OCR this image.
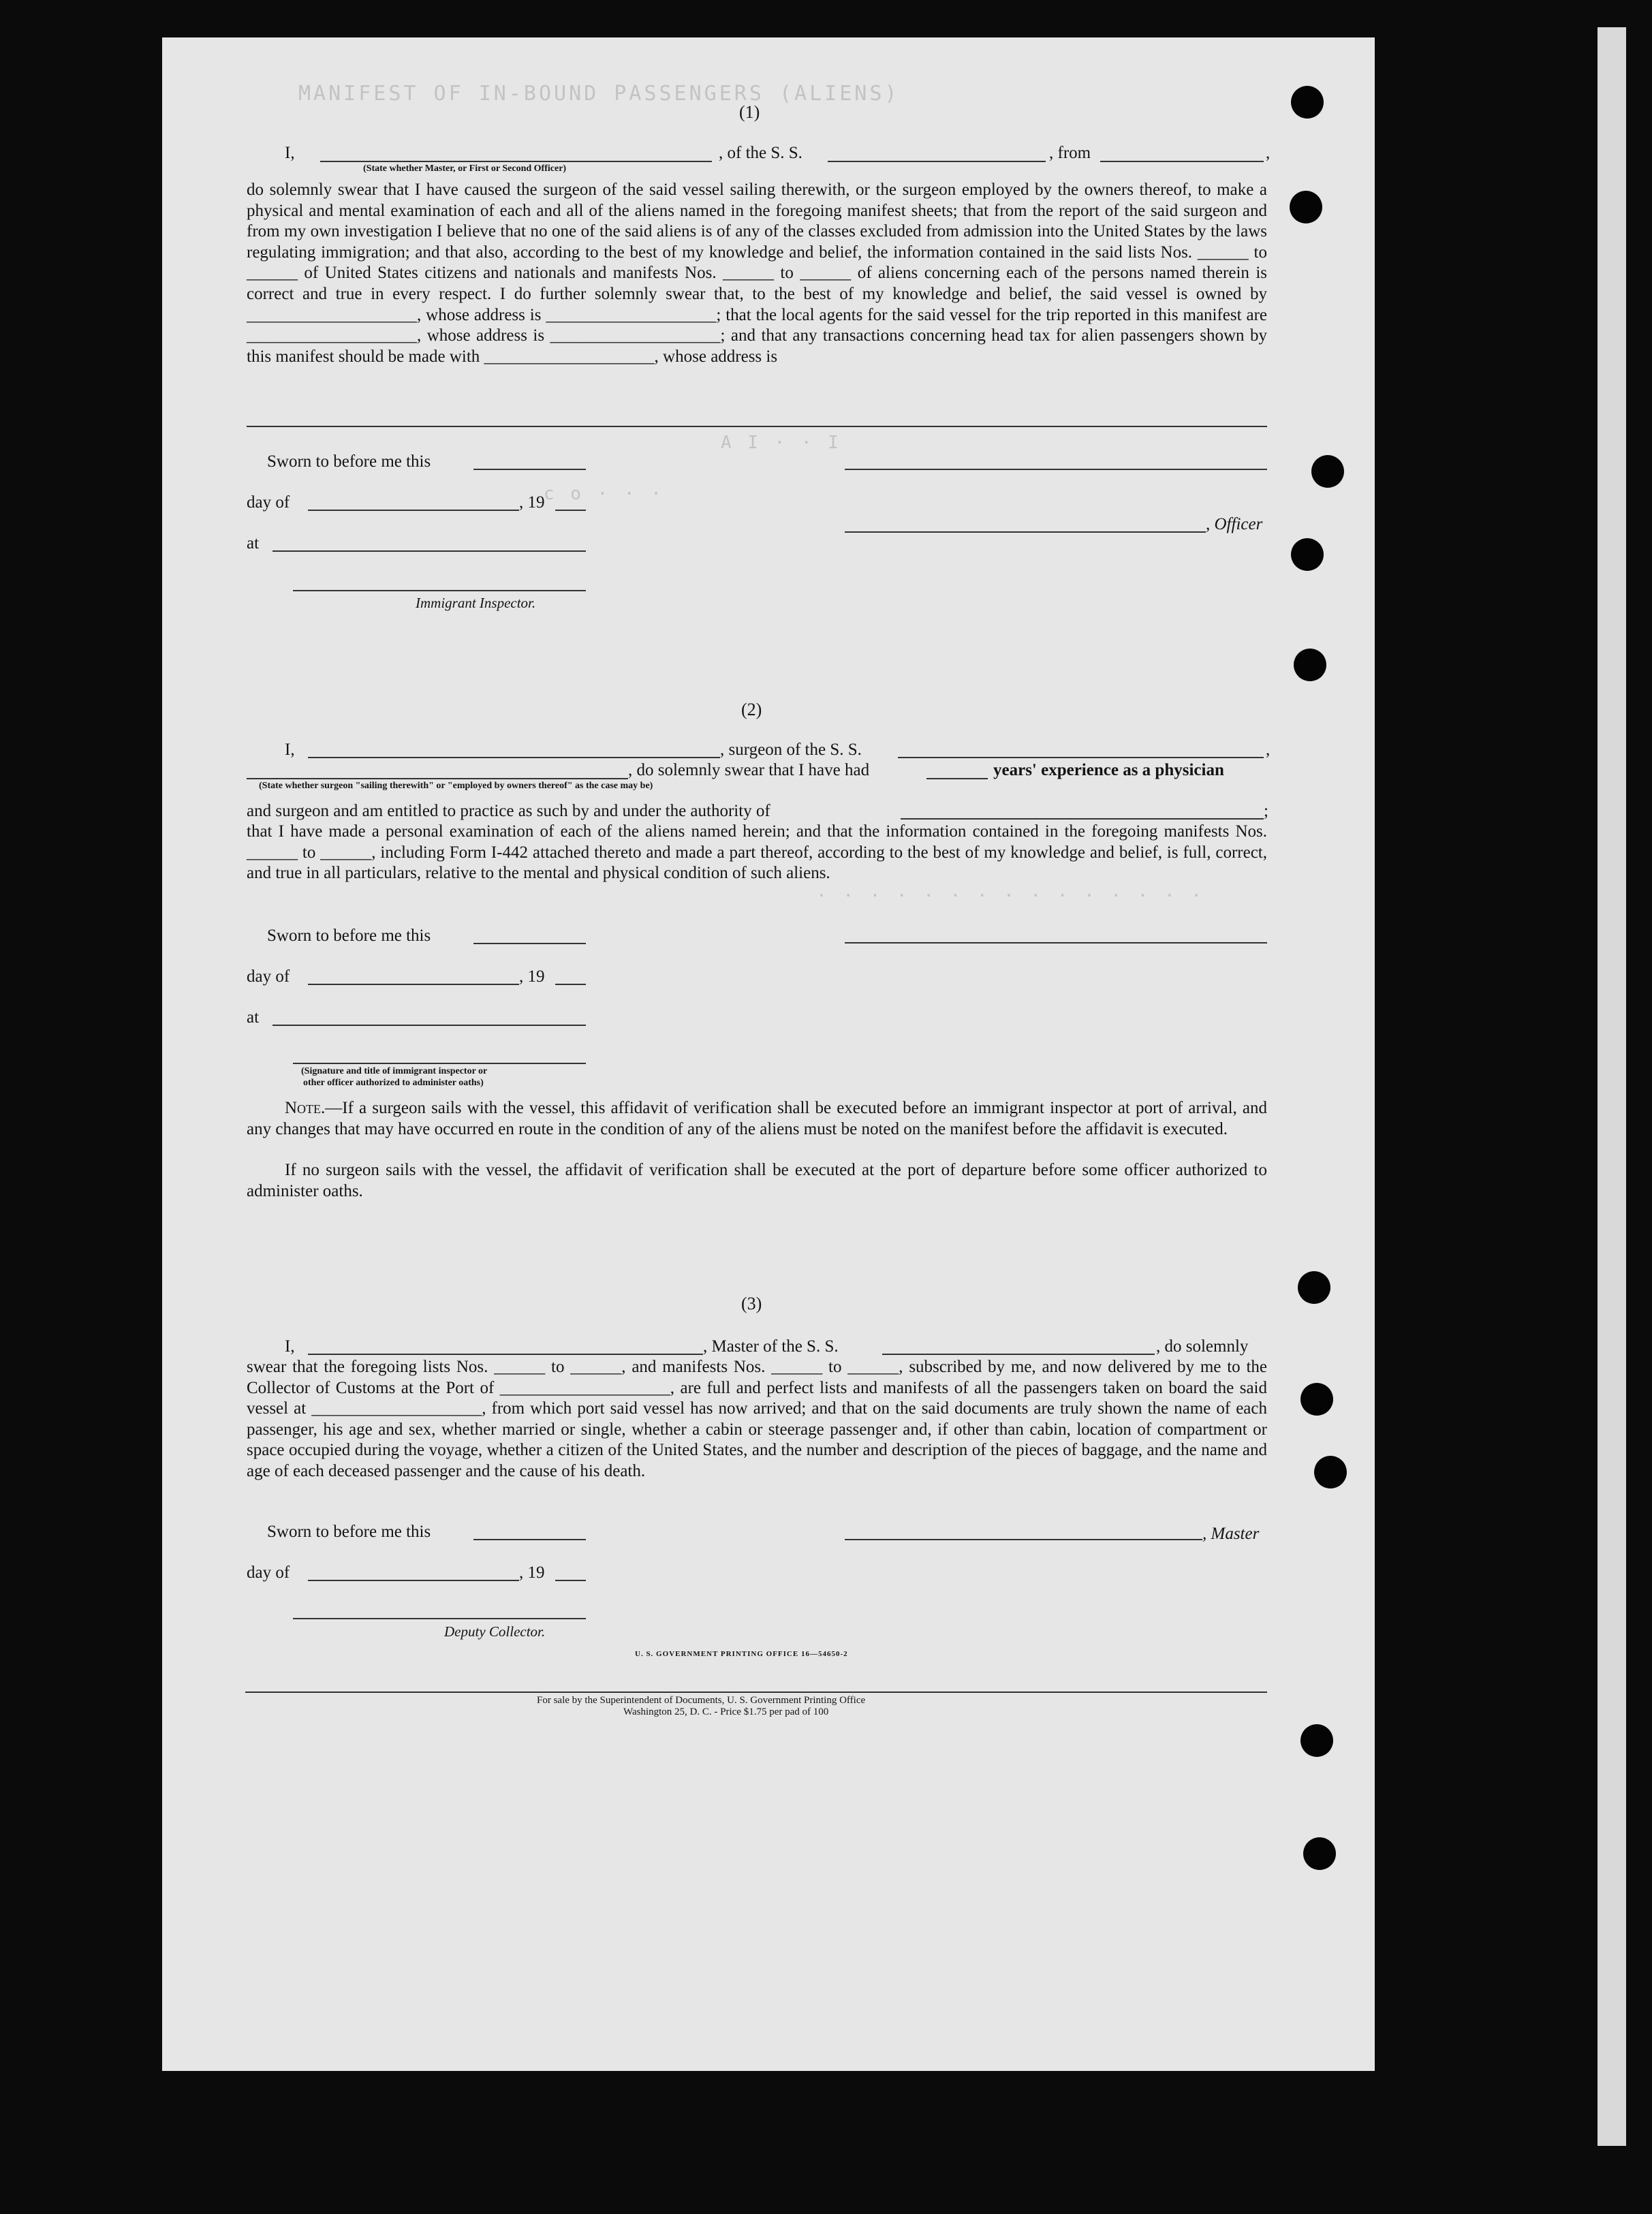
MANIFEST OF IN-BOUND PASSENGERS (ALIENS)
A I · · I
c o · · ·
· · · · · · · · · · · · · · ·
(1)
I,	, of the S. S.	, from	,
(State whether Master, or First or Second Officer)
do solemnly swear that I have caused the surgeon of the said vessel sailing therewith, or the surgeon employed by the owners thereof, to make a physical and mental examination of each and all of the aliens named in the foregoing manifest sheets; that from the report of the said surgeon and from my own investigation I believe that no one of the said aliens is of any of the classes excluded from admission into the United States by the laws regulating immigration; and that also, according to the best of my knowledge and belief, the information contained in the said lists Nos. ______ to ______ of United States citizens and nationals and manifests Nos. ______ to ______ of aliens concerning each of the persons named therein is correct and true in every respect. I do further solemnly swear that, to the best of my knowledge and belief, the said vessel is owned by ____________________, whose address is ____________________; that the local agents for the said vessel for the trip reported in this manifest are ____________________, whose address is ____________________; and that any transactions concerning head tax for alien passengers shown by this manifest should be made with ____________________, whose address is
Sworn to before me this
day of	, 19
at
, Officer
Immigrant Inspector.
(2)
I,	, surgeon of the S. S.	,
, do solemnly swear that I have had	years' experience as a physician
(State whether surgeon "sailing therewith" or "employed by owners thereof" as the case may be)
and surgeon and am entitled to practice as such by and under the authority of	;
that I have made a personal examination of each of the aliens named herein; and that the information contained in the foregoing manifests Nos. ______ to ______, including Form I-442 attached thereto and made a part thereof, according to the best of my knowledge and belief, is full, correct, and true in all particulars, relative to the mental and physical condition of such aliens.
Sworn to before me this
day of	, 19
at
(Signature and title of immigrant inspector or
other officer authorized to administer oaths)
Note.—If a surgeon sails with the vessel, this affidavit of verification shall be executed before an immigrant inspector at port of arrival, and any changes that may have occurred en route in the condition of any of the aliens must be noted on the manifest before the affidavit is executed.
If no surgeon sails with the vessel, the affidavit of verification shall be executed at the port of departure before some officer authorized to administer oaths.
(3)
I,	, Master of the S. S.	, do solemnly
swear that the foregoing lists Nos. ______ to ______, and manifests Nos. ______ to ______, subscribed by me, and now delivered by me to the Collector of Customs at the Port of ____________________, are full and perfect lists and manifests of all the passengers taken on board the said vessel at ____________________, from which port said vessel has now arrived; and that on the said documents are truly shown the name of each passenger, his age and sex, whether married or single, whether a cabin or steerage passenger and, if other than cabin, location of compartment or space occupied during the voyage, whether a citizen of the United States, and the number and description of the pieces of baggage, and the name and age of each deceased passenger and the cause of his death.
Sworn to before me this	, Master
day of	, 19
Deputy Collector.
U. S. GOVERNMENT PRINTING OFFICE 16—54650-2
For sale by the Superintendent of Documents, U. S. Government Printing Office
Washington 25, D. C. - Price $1.75 per pad of 100
